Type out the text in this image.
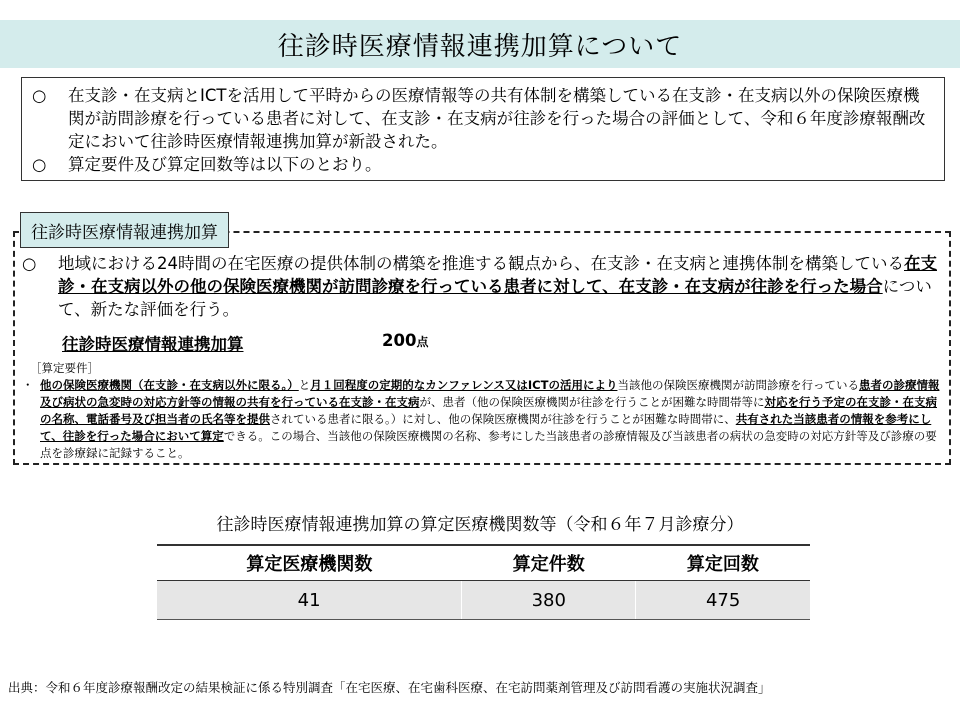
往診時医療情報連携加算について
○	在支診・在支病とICTを活用して平時からの医療情報等の共有体制を構築している在支診・在支病以外の保険医療機関が訪問診療を行っている患者に対して、在支診・在支病が往診を行った場合の評価として、令和６年度診療報酬改定において往診時医療情報連携加算が新設された。
○	算定要件及び算定回数等は以下のとおり。
往診時医療情報連携加算
○	地域における24時間の在宅医療の提供体制の構築を推進する観点から、在支診・在支病と連携体制を構築している在支診・在支病以外の他の保険医療機関が訪問診療を行っている患者に対して、在支診・在支病が往診を行った場合について、新たな評価を行う。
往診時医療情報連携加算	200点
［算定要件］
・ 他の保険医療機関（在支診・在支病以外に限る。）と月１回程度の定期的なカンファレンス又はICTの活用により当該他の保険医療機関が訪問診療を行っている患者の診療情報及び病状の急変時の対応方針等の情報の共有を行っている在支診・在支病が、患者（他の保険医療機関が往診を行うことが困難な時間帯等に対応を行う予定の在支診・在支病の名称、電話番号及び担当者の氏名等を提供されている患者に限る。）に対し、他の保険医療機関が往診を行うことが困難な時間帯に、共有された当該患者の情報を参考にして、往診を行った場合において算定できる。この場合、当該他の保険医療機関の名称、参考にした当該患者の診療情報及び当該患者の病状の急変時の対応方針等及び診療の要点を診療録に記録すること。
往診時医療情報連携加算の算定医療機関数等（令和６年７月診療分）
算定医療機関数	算定件数	算定回数
41	380	475
出典：令和６年度診療報酬改定の結果検証に係る特別調査「在宅医療、在宅歯科医療、在宅訪問薬剤管理及び訪問看護の実施状況調査」
